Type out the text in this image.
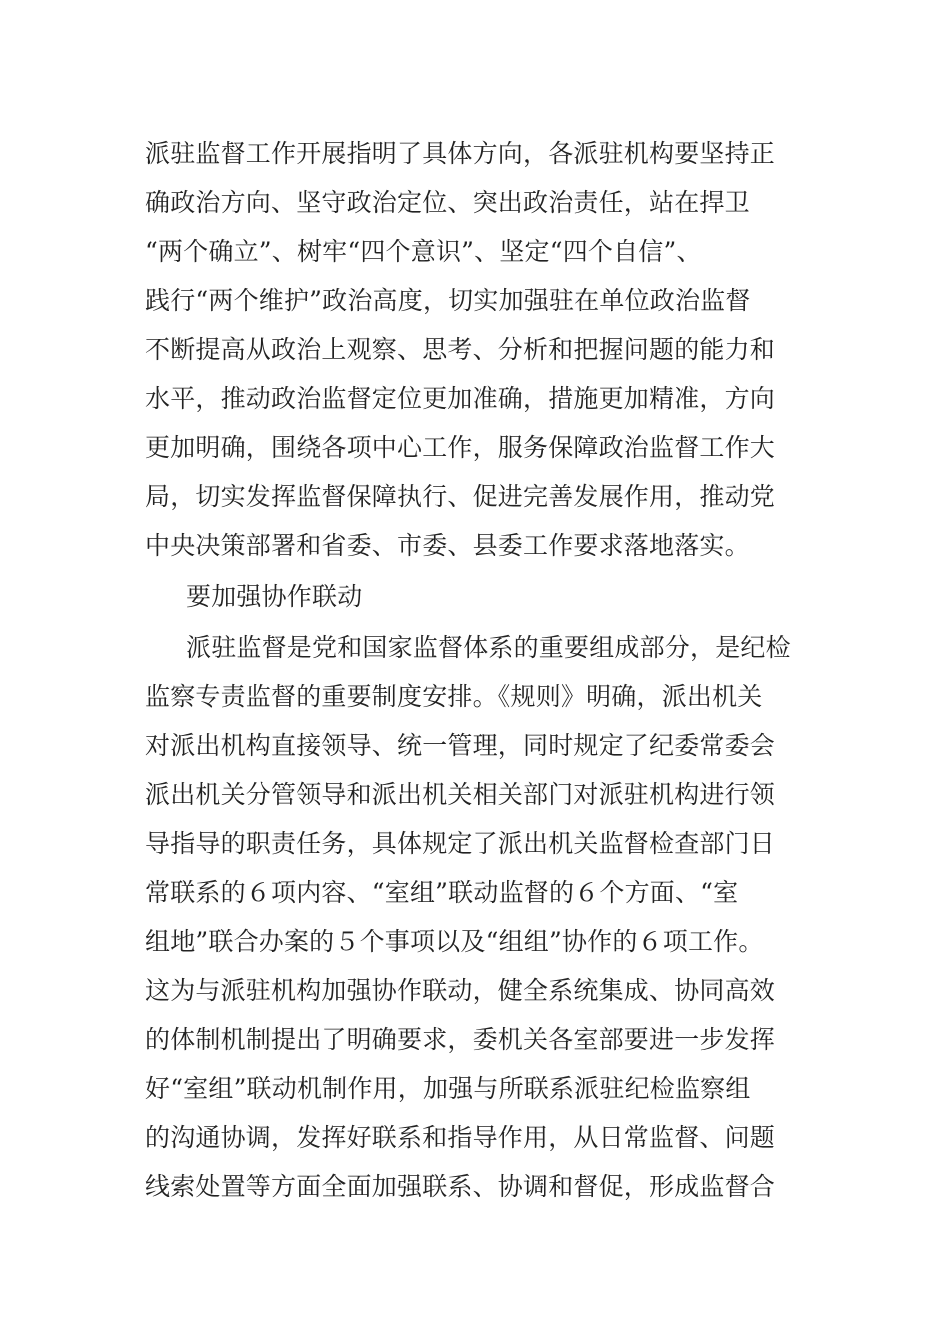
派驻监督工作开展指明了具体方向，各派驻机构要坚持正
确政治方向、坚守政治定位、突出政治责任，站在捍卫
“两个确立”、树牢“四个意识”、坚定“四个自信”、
践行“两个维护”政治高度，切实加强驻在单位政治监督
不断提高从政治上观察、思考、分析和把握问题的能力和
水平，推动政治监督定位更加准确，措施更加精准，方向
更加明确，围绕各项中心工作，服务保障政治监督工作大
局，切实发挥监督保障执行、促进完善发展作用，推动党
中央决策部署和省委、市委、县委工作要求落地落实。
要加强协作联动
派驻监督是党和国家监督体系的重要组成部分，是纪检
监察专责监督的重要制度安排。《规则》明确，派出机关
对派出机构直接领导、统一管理，同时规定了纪委常委会
派出机关分管领导和派出机关相关部门对派驻机构进行领
导指导的职责任务，具体规定了派出机关监督检查部门日
常联系的６项内容、“室组”联动监督的６个方面、“室
组地”联合办案的５个事项以及“组组”协作的６项工作。
这为与派驻机构加强协作联动，健全系统集成、协同高效
的体制机制提出了明确要求，委机关各室部要进一步发挥
好“室组”联动机制作用，加强与所联系派驻纪检监察组
的沟通协调，发挥好联系和指导作用，从日常监督、问题
线索处置等方面全面加强联系、协调和督促，形成监督合
